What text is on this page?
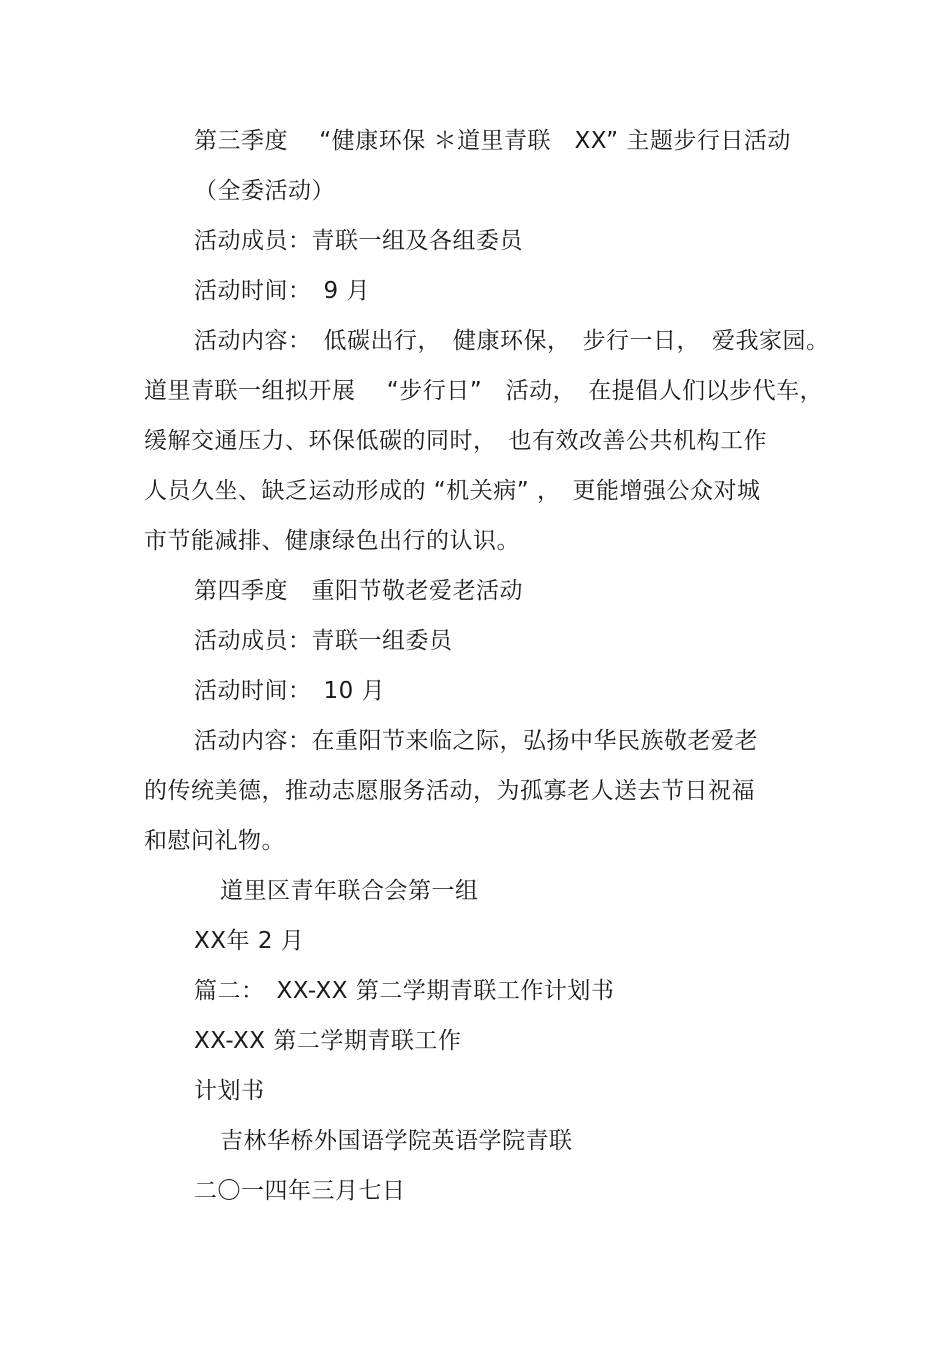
第三季度　 “健康环保 ＊道里青联　XX” 主题步行日活动
（全委活动）
活动成员：青联一组及各组委员
活动时间：　9 月
活动内容：　低碳出行，　健康环保，　步行一日，　爱我家园。
道里青联一组拟开展　 “步行日”　活动，　在提倡人们以步代车，
缓解交通压力、环保低碳的同时，　也有效改善公共机构工作
人员久坐、缺乏运动形成的 “机关病” ，　更能增强公众对城
市节能减排、健康绿色出行的认识。
第四季度　重阳节敬老爱老活动
活动成员：青联一组委员
活动时间：　10 月
活动内容：在重阳节来临之际，弘扬中华民族敬老爱老
的传统美德，推动志愿服务活动，为孤寡老人送去节日祝福
和慰问礼物。
道里区青年联合会第一组
XX年 2 月
篇二：　XX-XX 第二学期青联工作计划书
XX-XX 第二学期青联工作
计划书
吉林华桥外国语学院英语学院青联
二〇一四年三月七日
